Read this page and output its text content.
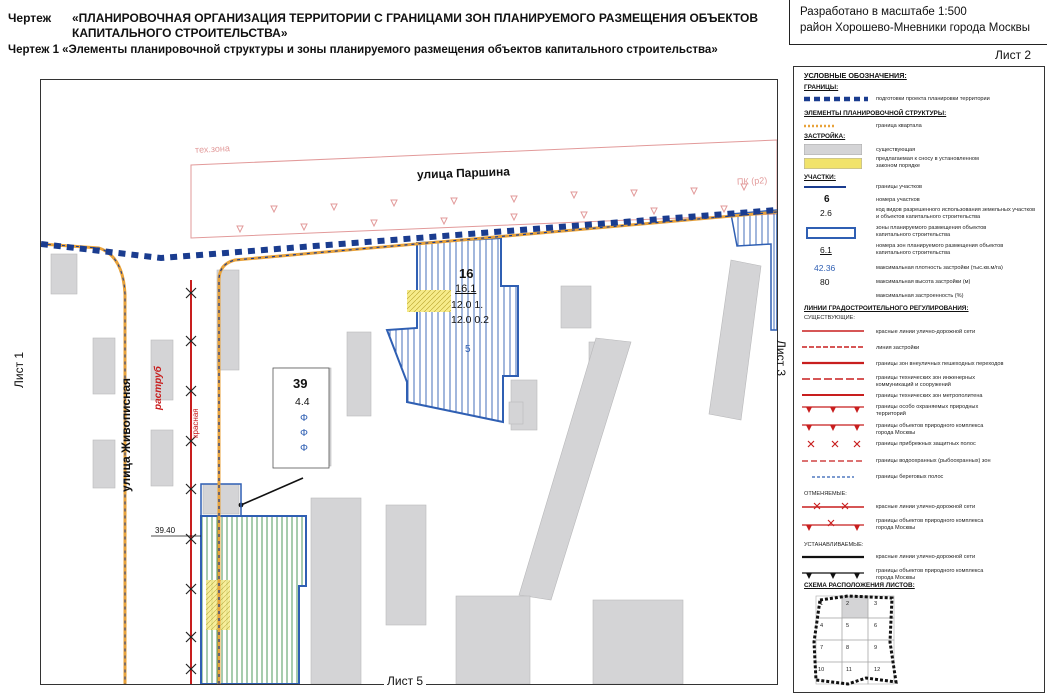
Чертеж «ПЛАНИРОВОЧНАЯ ОРГАНИЗАЦИЯ ТЕРРИТОРИИ С ГРАНИЦАМИ ЗОН ПЛАНИРУЕМОГО РАЗМЕЩЕНИЯ ОБЪЕКТОВ КАПИТАЛЬНОГО СТРОИТЕЛЬСТВА»
Чертеж 1 «Элементы планировочной структуры и зоны планируемого размещения объектов капитального строительства»
Разработано в масштабе 1:500
район Хорошево-Мневники города Москвы
Лист 2
улица Паршина
тех.зона
ПК (р2)
улица Живописная раструб
красная
39.40
16
16.1
12.0 1.
12.0 0.2
5
39
4.4
Ф
Ф
Ф
Лист 1	Лист 3
Лист 5
УСЛОВНЫЕ ОБОЗНАЧЕНИЯ:
ГРАНИЦЫ:
подготовки проекта планировки территории
ЭЛЕМЕНТЫ ПЛАНИРОВОЧНОЙ СТРУКТУРЫ:
граница квартала
ЗАСТРОЙКА:
существующая
предлагаемая к сносу в установленном законом порядке
УЧАСТКИ:
границы участков
6	номера участков
2.6	код видов разрешенного использования земельных участков и объектов капитального строительства
зоны планируемого размещения объектов капитального строительства
6.1	номера зон планируемого размещения объектов капитального строительства
42.36	максимальная плотность застройки (тыс.кв.м/га)
80	максимальная высота застройки (м)
максимальная застроенность (%)
ЛИНИИ ГРАДОСТРОИТЕЛЬНОГО РЕГУЛИРОВАНИЯ:
СУЩЕСТВУЮЩИЕ:
красные линии улично-дорожной сети
линия застройки
границы зон внеуличных пешеходных переходов
границы технических зон инженерных коммуникаций и сооружений
границы технических зон метрополитена
границы особо охраняемых природных территорий
границы объектов природного комплекса города Москвы
границы прибрежных защитных полос
границы водоохранных (рыбоохранных) зон
границы береговых полос
ОТМЕНЯЕМЫЕ:
красные линии улично-дорожной сети
границы объектов природного комплекса города Москвы
УСТАНАВЛИВАЕМЫЕ:
красные линии улично-дорожной сети
границы объектов природного комплекса города Москвы
СХЕМА РАСПОЛОЖЕНИЯ ЛИСТОВ:
1	2	3
4	5	6
7	8	9
10	11	12
